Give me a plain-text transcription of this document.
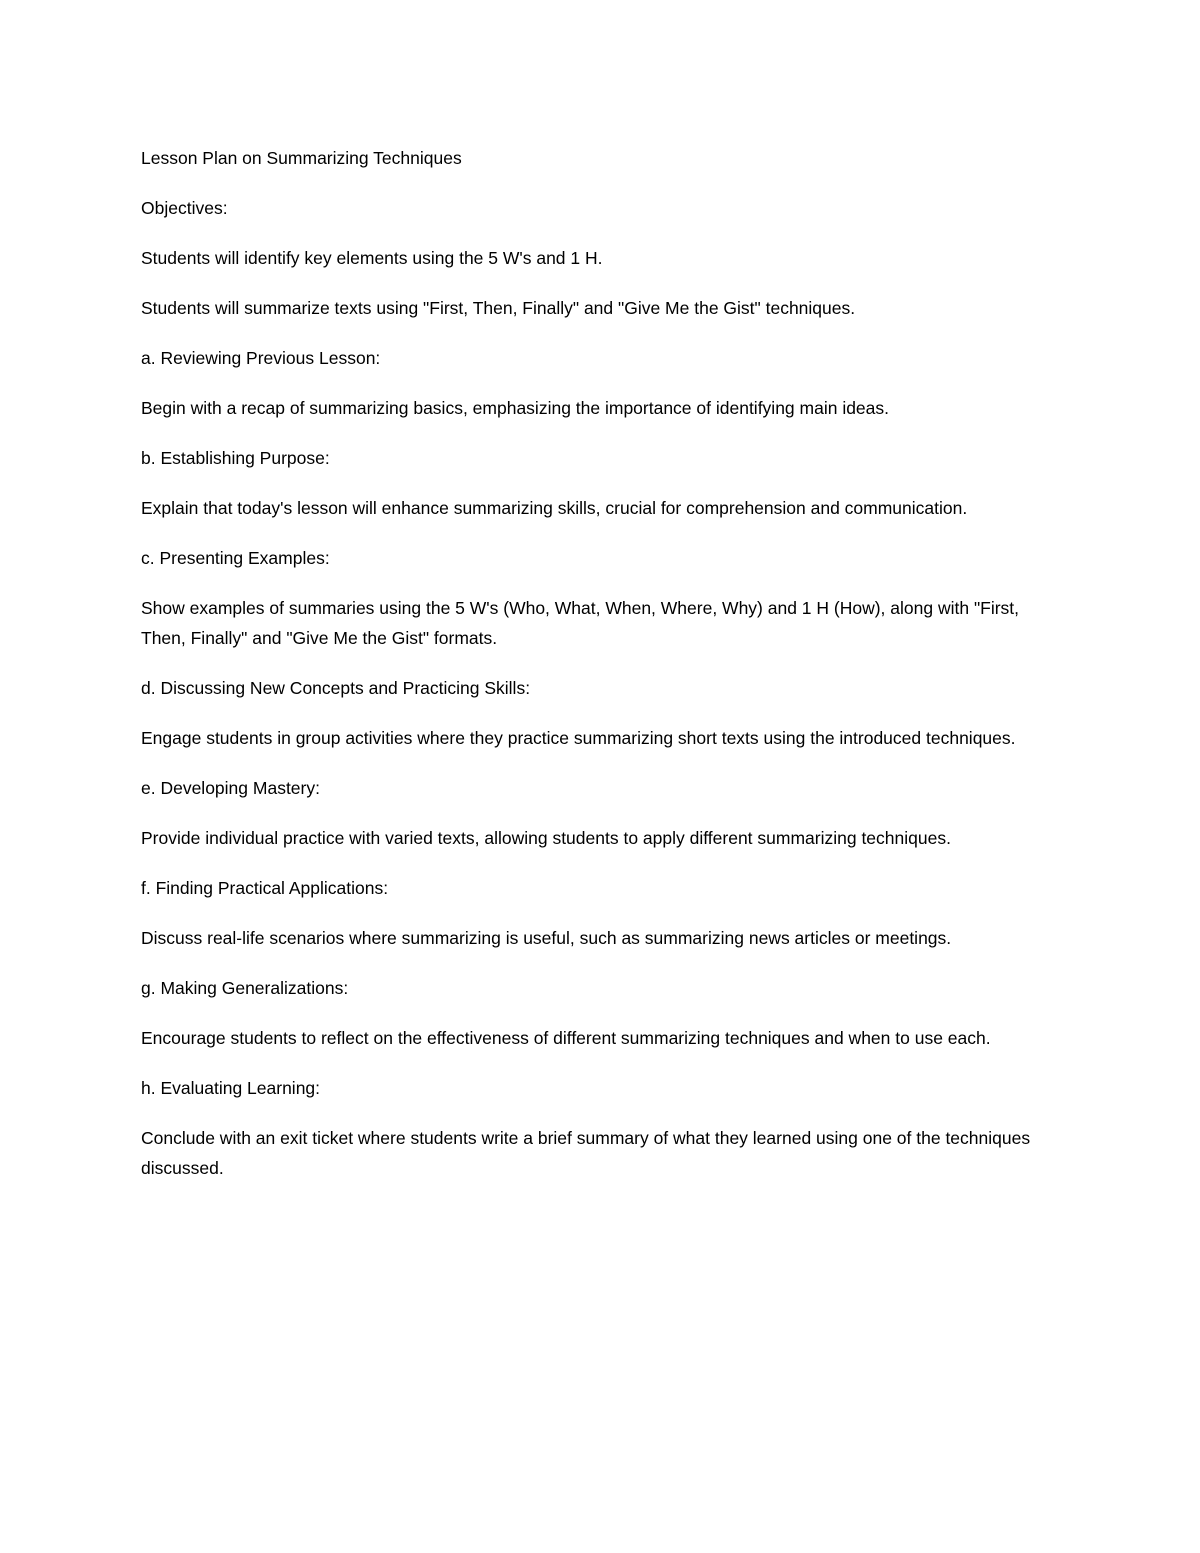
Lesson Plan on Summarizing Techniques

Objectives:

Students will identify key elements using the 5 W's and 1 H.

Students will summarize texts using "First, Then, Finally" and "Give Me the Gist" techniques.

a. Reviewing Previous Lesson:

Begin with a recap of summarizing basics, emphasizing the importance of identifying main ideas.

b. Establishing Purpose:

Explain that today's lesson will enhance summarizing skills, crucial for comprehension and communication.

c. Presenting Examples:

Show examples of summaries using the 5 W's (Who, What, When, Where, Why) and 1 H (How), along with "First, Then, Finally" and "Give Me the Gist" formats.

d. Discussing New Concepts and Practicing Skills:

Engage students in group activities where they practice summarizing short texts using the introduced techniques.

e. Developing Mastery:

Provide individual practice with varied texts, allowing students to apply different summarizing techniques.

f. Finding Practical Applications:

Discuss real-life scenarios where summarizing is useful, such as summarizing news articles or meetings.

g. Making Generalizations:

Encourage students to reflect on the effectiveness of different summarizing techniques and when to use each.

h. Evaluating Learning:

Conclude with an exit ticket where students write a brief summary of what they learned using one of the techniques discussed.
